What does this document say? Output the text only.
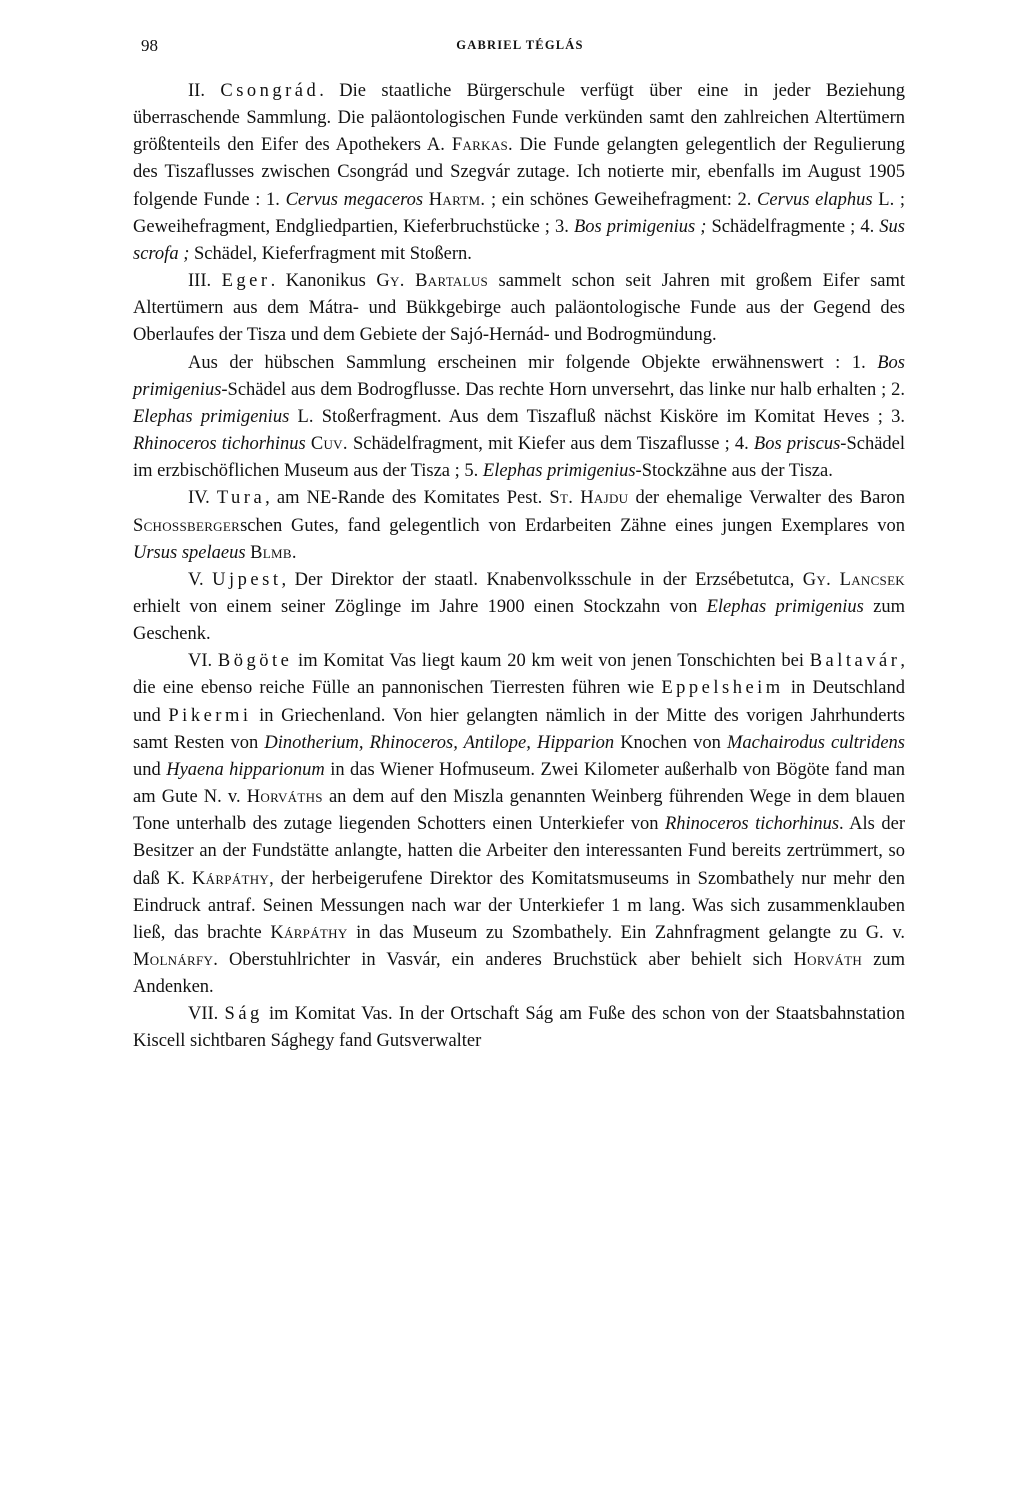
98	GABRIEL TÉGLÁS

II. Csongrád. Die staatliche Bürgerschule verfügt über eine in jeder Beziehung überraschende Sammlung. Die paläontologischen Funde verkünden samt den zahlreichen Altertümern größtenteils den Eifer des Apothekers A. Farkas. Die Funde gelangten gelegentlich der Regulierung des Tiszaflusses zwischen Csongrád und Szegvár zutage. Ich notierte mir, ebenfalls im August 1905 folgende Funde : 1. Cervus megaceros Hartm. ; ein schönes Geweihefragment: 2. Cervus elaphus L. ; Geweihefragment, Endgliedpartien, Kieferbruchstücke ; 3. Bos primigenius ; Schädelfragmente ; 4. Sus scrofa ; Schädel, Kieferfragment mit Stoßern.

III. Eger. Kanonikus Gy. Bartalus sammelt schon seit Jahren mit großem Eifer samt Altertümern aus dem Mátra- und Bükkgebirge auch paläontologische Funde aus der Gegend des Oberlaufes der Tisza und dem Gebiete der Sajó-Hernád- und Bodrogmündung.

Aus der hübschen Sammlung erscheinen mir folgende Objekte erwähnenswert : 1. Bos primigenius-Schädel aus dem Bodrogflusse. Das rechte Horn unversehrt, das linke nur halb erhalten ; 2. Elephas primigenius L. Stoßerfragment. Aus dem Tiszafluß nächst Kisköre im Komitat Heves ; 3. Rhinoceros tichorhinus Cuv. Schädelfragment, mit Kiefer aus dem Tiszaflusse ; 4. Bos priscus-Schädel im erzbischöflichen Museum aus der Tisza ; 5. Elephas primigenius-Stockzähne aus der Tisza.

IV. Tura, am NE-Rande des Komitates Pest. St. Hajdu der ehemalige Verwalter des Baron Schossbergerschen Gutes, fand gelegentlich von Erdarbeiten Zähne eines jungen Exemplares von Ursus spelaeus Blmb.

V. Ujpest, Der Direktor der staatl. Knabenvolksschule in der Erzsébetutca, Gy. Lancsek erhielt von einem seiner Zöglinge im Jahre 1900 einen Stockzahn von Elephas primigenius zum Geschenk.

VI. Bögöte im Komitat Vas liegt kaum 20 km weit von jenen Tonschichten bei Baltavár, die eine ebenso reiche Fülle an pannonischen Tierresten führen wie Eppelsheim in Deutschland und Pikermi in Griechenland. Von hier gelangten nämlich in der Mitte des vorigen Jahrhunderts samt Resten von Dinotherium, Rhinoceros, Antilope, Hipparion Knochen von Machairodus cultridens und Hyaena hipparionum in das Wiener Hofmuseum. Zwei Kilometer außerhalb von Bögöte fand man am Gute N. v. Horváths an dem auf den Miszla genannten Weinberg führenden Wege in dem blauen Tone unterhalb des zutage liegenden Schotters einen Unterkiefer von Rhinoceros tichorhinus. Als der Besitzer an der Fundstätte anlangte, hatten die Arbeiter den interessanten Fund bereits zertrümmert, so daß K. Kárpáthy, der herbeigerufene Direktor des Komitatsmuseums in Szombathely nur mehr den Eindruck antraf. Seinen Messungen nach war der Unterkiefer 1 m lang. Was sich zusammenklauben ließ, das brachte Kárpáthy in das Museum zu Szombathely. Ein Zahnfragment gelangte zu G. v. Molnárfy. Oberstuhlrichter in Vasvár, ein anderes Bruchstück aber behielt sich Horváth zum Andenken.

VII. Ság im Komitat Vas. In der Ortschaft Ság am Fuße des schon von der Staatsbahnstation Kiscell sichtbaren Sághegy fand Gutsverwalter
